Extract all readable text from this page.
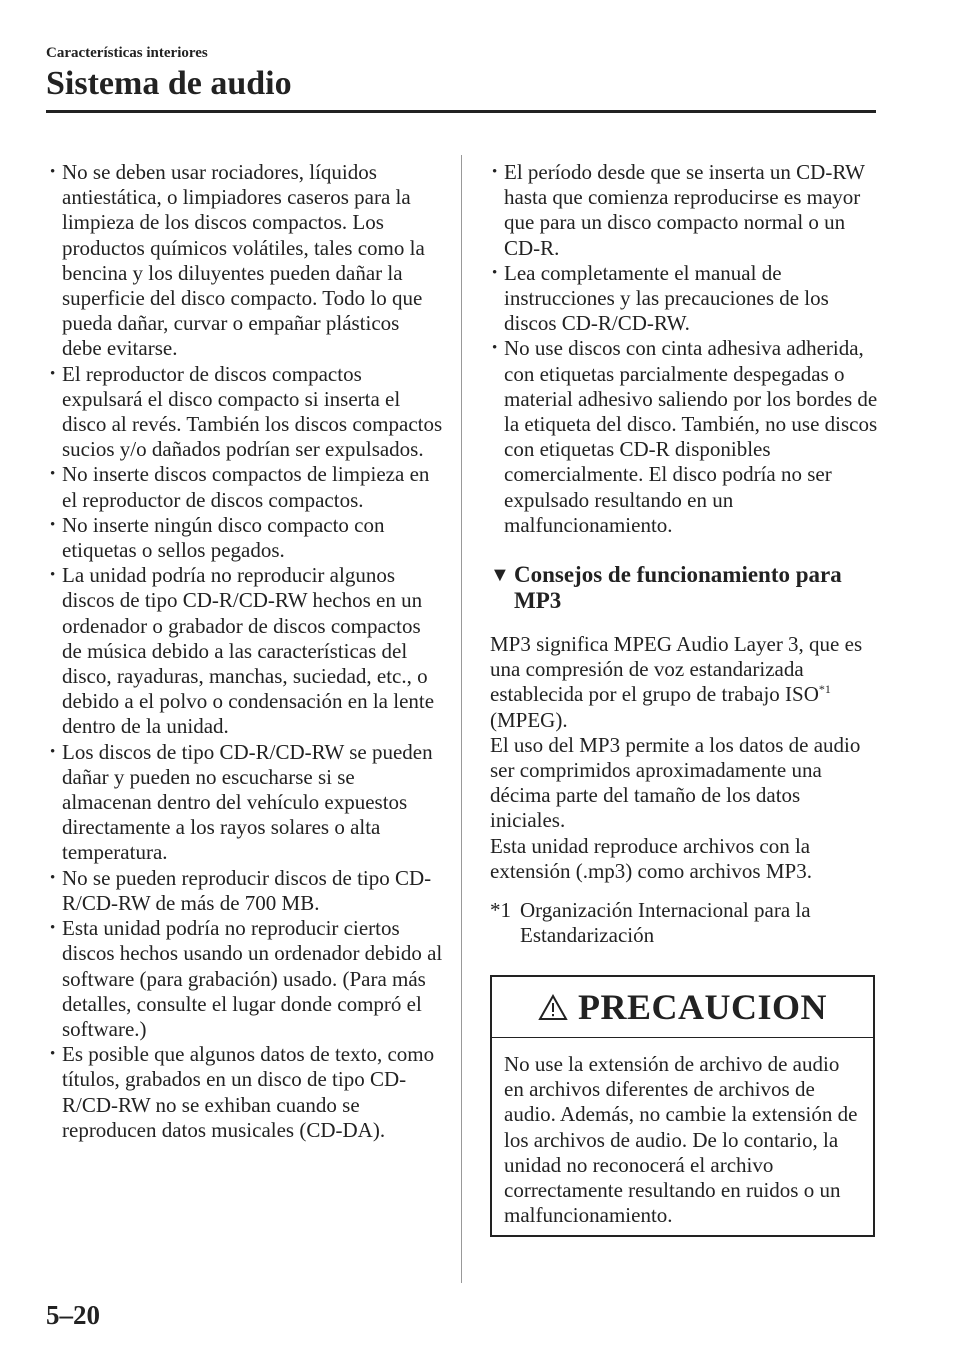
Características interiores
Sistema de audio
• No se deben usar rociadores, líquidos antiestática, o limpiadores caseros para la limpieza de los discos compactos. Los productos químicos volátiles, tales como la bencina y los diluyentes pueden dañar la superficie del disco compacto. Todo lo que pueda dañar, curvar o empañar plásticos debe evitarse.
• El reproductor de discos compactos expulsará el disco compacto si inserta el disco al revés. También los discos compactos sucios y/o dañados podrían ser expulsados.
• No inserte discos compactos de limpieza en el reproductor de discos compactos.
• No inserte ningún disco compacto con etiquetas o sellos pegados.
• La unidad podría no reproducir algunos discos de tipo CD-R/CD-RW hechos en un ordenador o grabador de discos compactos de música debido a las características del disco, rayaduras, manchas, suciedad, etc., o debido a el polvo o condensación en la lente dentro de la unidad.
• Los discos de tipo CD-R/CD-RW se pueden dañar y pueden no escucharse si se almacenan dentro del vehículo expuestos directamente a los rayos solares o alta temperatura.
• No se pueden reproducir discos de tipo CD-R/CD-RW de más de 700 MB.
• Esta unidad podría no reproducir ciertos discos hechos usando un ordenador debido al software (para grabación) usado. (Para más detalles, consulte el lugar donde compró el software.)
• Es posible que algunos datos de texto, como títulos, grabados en un disco de tipo CD-R/CD-RW no se exhiban cuando se reproducen datos musicales (CD-DA).
• El período desde que se inserta un CD-RW hasta que comienza reproducirse es mayor que para un disco compacto normal o un CD-R.
• Lea completamente el manual de instrucciones y las precauciones de los discos CD-R/CD-RW.
• No use discos con cinta adhesiva adherida, con etiquetas parcialmente despegadas o material adhesivo saliendo por los bordes de la etiqueta del disco. También, no use discos con etiquetas CD-R disponibles comercialmente. El disco podría no ser expulsado resultando en un malfuncionamiento.
▼ Consejos de funcionamiento para MP3

MP3 significa MPEG Audio Layer 3, que es una compresión de voz estandarizada establecida por el grupo de trabajo ISO$^{*1}$ (MPEG).

El uso del MP3 permite a los datos de audio ser comprimidos aproximadamente una décima parte del tamaño de los datos iniciales.

Esta unidad reproduce archivos con la extensión (.mp3) como archivos MP3.

*1 Organización Internacional para la Estandarización
PRECAUCION
No use la extensión de archivo de audio en archivos diferentes de archivos de audio. Además, no cambie la extensión de los archivos de audio. De lo contario, la unidad no reconocerá el archivo correctamente resultando en ruidos o un malfuncionamiento.
5–20
